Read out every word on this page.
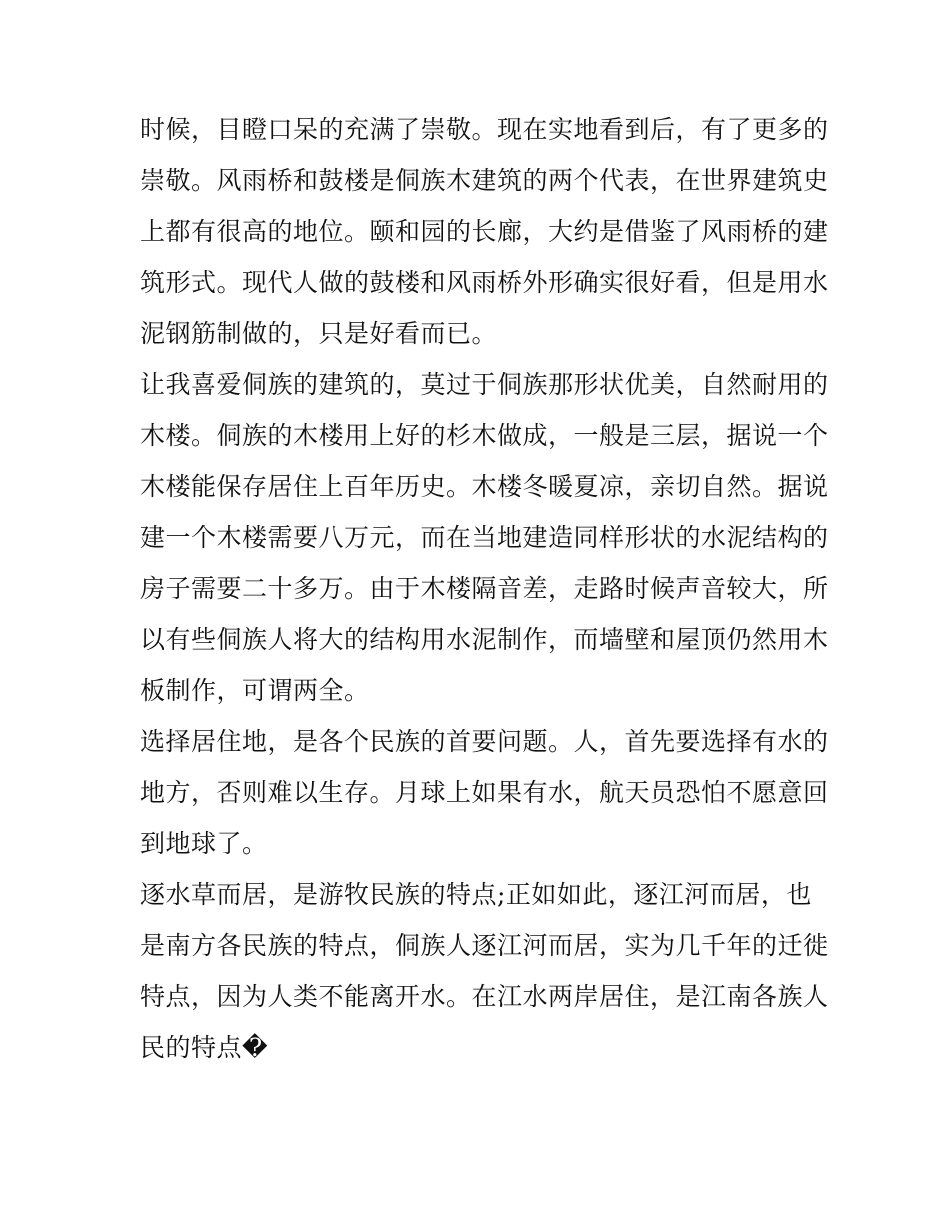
时候，目瞪口呆的充满了崇敬。现在实地看到后，有了更多的
崇敬。风雨桥和鼓楼是侗族木建筑的两个代表，在世界建筑史
上都有很高的地位。颐和园的长廊，大约是借鉴了风雨桥的建
筑形式。现代人做的鼓楼和风雨桥外形确实很好看，但是用水
泥钢筋制做的，只是好看而已。
让我喜爱侗族的建筑的，莫过于侗族那形状优美，自然耐用的
木楼。侗族的木楼用上好的杉木做成，一般是三层，据说一个
木楼能保存居住上百年历史。木楼冬暖夏凉，亲切自然。据说
建一个木楼需要八万元，而在当地建造同样形状的水泥结构的
房子需要二十多万。由于木楼隔音差，走路时候声音较大，所
以有些侗族人将大的结构用水泥制作，而墙壁和屋顶仍然用木
板制作，可谓两全。
选择居住地，是各个民族的首要问题。人，首先要选择有水的
地方，否则难以生存。月球上如果有水，航天员恐怕不愿意回
到地球了。
逐水草而居，是游牧民族的特点;正如如此，逐江河而居，也
是南方各民族的特点，侗族人逐江河而居，实为几千年的迁徙
特点，因为人类不能离开水。在江水两岸居住，是江南各族人
民的特点�
